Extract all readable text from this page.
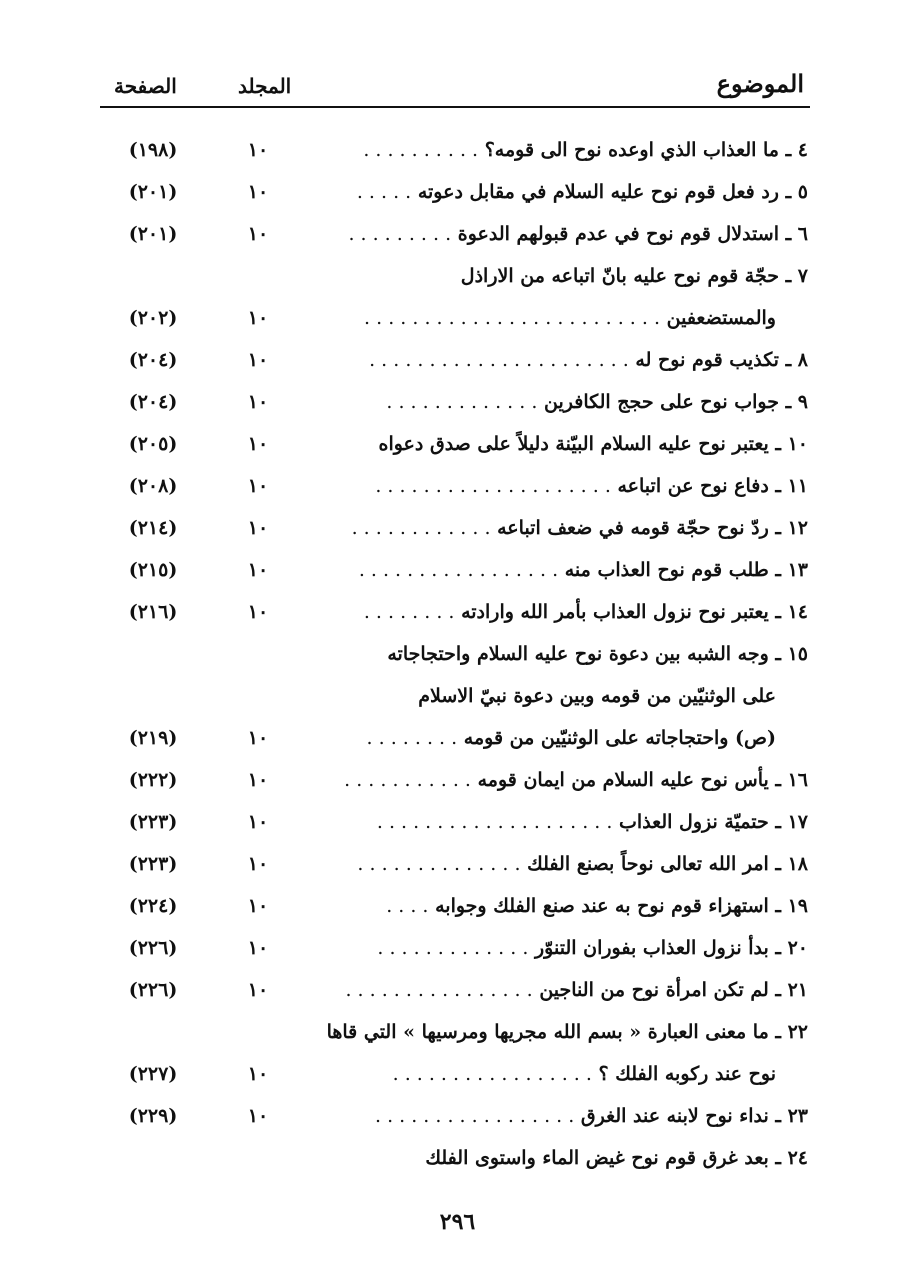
الموضوع
المجلد
الصفحة
٤ ـ ما العذاب الذي اوعده نوح الى قومه؟ . . . . . . . . . .
١٠
(١٩٨)
٥ ـ رد فعل قوم نوح عليه السلام في مقابل دعوته . . . . .
١٠
(٢٠١)
٦ ـ استدلال قوم نوح في عدم قبولهم الدعوة . . . . . . . . .
١٠
(٢٠١)
٧ ـ حجّة قوم نوح عليه بانّ اتباعه من الاراذل
والمستضعفين . . . . . . . . . . . . . . . . . . . . . . . . .
١٠
(٢٠٢)
٨ ـ تكذيب قوم نوح له . . . . . . . . . . . . . . . . . . . . . .
١٠
(٢٠٤)
٩ ـ جواب نوح على حجج الكافرين . . . . . . . . . . . . .
١٠
(٢٠٤)
١٠ ـ يعتبر نوح عليه السلام البيّنة دليلاً على صدق دعواه
١٠
(٢٠٥)
١١ ـ دفاع نوح عن اتباعه . . . . . . . . . . . . . . . . . . . .
١٠
(٢٠٨)
١٢ ـ ردّ نوح حجّة قومه في ضعف اتباعه . . . . . . . . . . . .
١٠
(٢١٤)
١٣ ـ طلب قوم نوح العذاب منه . . . . . . . . . . . . . . . . .
١٠
(٢١٥)
١٤ ـ يعتبر نوح نزول العذاب بأمر الله وارادته . . . . . . . .
١٠
(٢١٦)
١٥ ـ وجه الشبه بين دعوة نوح عليه السلام واحتجاجاته
على الوثنيّين من قومه وبين دعوة نبيّ الاسلام
(ص) واحتجاجاته على الوثنيّين من قومه . . . . . . . .
١٠
(٢١٩)
١٦ ـ يأس نوح عليه السلام من ايمان قومه . . . . . . . . . . .
١٠
(٢٢٢)
١٧ ـ حتميّة نزول العذاب . . . . . . . . . . . . . . . . . . . .
١٠
(٢٢٣)
١٨ ـ امر الله تعالى نوحاً بصنع الفلك . . . . . . . . . . . . . .
١٠
(٢٢٣)
١٩ ـ استهزاء قوم نوح به عند صنع الفلك وجوابه . . . .
١٠
(٢٢٤)
٢٠ ـ بدأ نزول العذاب بفوران التنوّر . . . . . . . . . . . . .
١٠
(٢٢٦)
٢١ ـ لم تكن امرأة نوح من الناجين . . . . . . . . . . . . . . . .
١٠
(٢٢٦)
٢٢ ـ ما معنى العبارة « بسم الله مجريها ومرسيها » التي قاها
نوح عند ركوبه الفلك ؟ . . . . . . . . . . . . . . . . .
١٠
(٢٢٧)
٢٣ ـ نداء نوح لابنه عند الغرق . . . . . . . . . . . . . . . . .
١٠
(٢٢٩)
٢٤ ـ بعد غرق قوم نوح غيض الماء واستوى الفلك
٢٩٦
